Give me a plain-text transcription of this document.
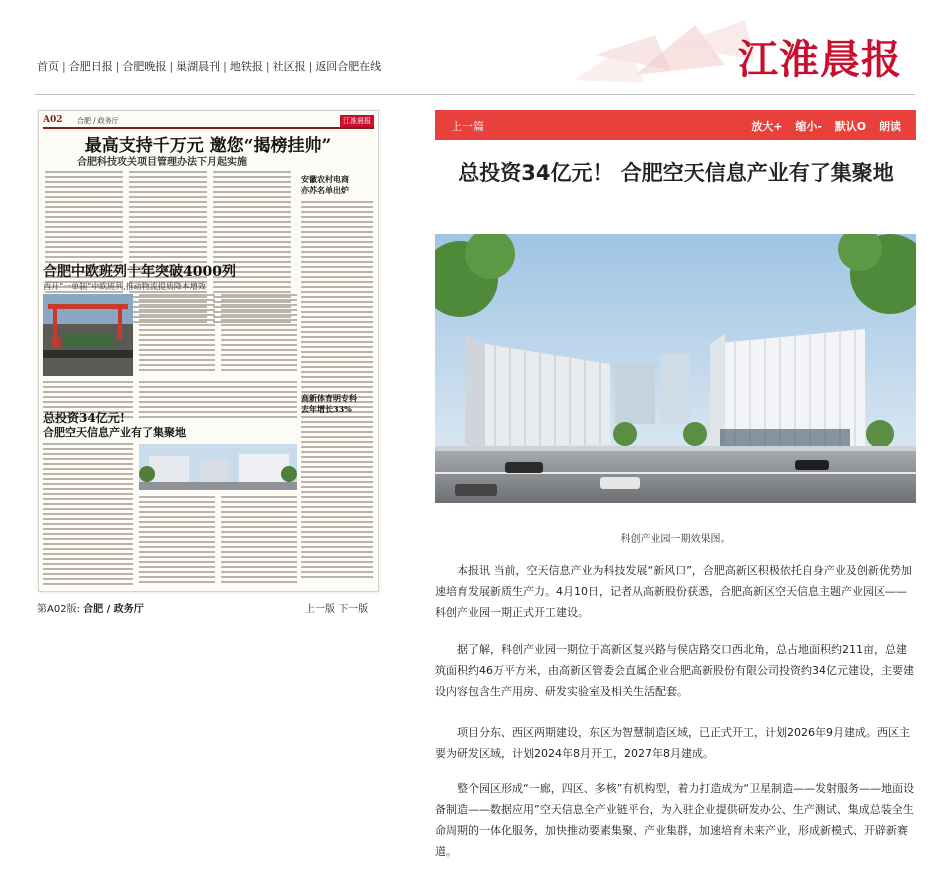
首页 | 合肥日报 | 合肥晚报 | 巢湖晨刊 | 地铁报 | 社区报 | 返回合肥在线	江淮晨报
A02 合肥 / 政务厅	江淮晨报
最高支持千万元 邀您“揭榜挂帅”
合肥科技攻关项目管理办法下月起实施
安徽农村电商
亦苏名单出炉
合肥中欧班列十年突破4000列
西开“一单制”中欧班列,推动物流提质降本增效
高新体育明专科
去年增长33%
总投资34亿元!
合肥空天信息产业有了集聚地
第A02版: 合肥 / 政务厅	上一版 下一版
上一篇	放大+ 缩小- 默认O 朗读
总投资34亿元！ 合肥空天信息产业有了集聚地
科创产业园一期效果图。

本报讯 当前，空天信息产业为科技发展“新风口”，合肥高新区积极依托自身产业及创新优势加速培育发展新质生产力。4月10日，记者从高新股份获悉，合肥高新区空天信息主题产业园区——科创产业园一期正式开工建设。

据了解，科创产业园一期位于高新区复兴路与侯店路交口西北角，总占地面积约211亩，总建筑面积约46万平方米，由高新区管委会直属企业合肥高新股份有限公司投资约34亿元建设，主要建设内容包含生产用房、研发实验室及相关生活配套。

项目分东、西区两期建设，东区为智慧制造区域，已正式开工，计划2026年9月建成。西区主要为研发区域，计划2024年8月开工，2027年8月建成。

整个园区形成“一廊，四区、多核”有机构型，着力打造成为“卫星制造——发射服务——地面设备制造——数据应用”空天信息全产业链平台，为入驻企业提供研发办公、生产测试、集成总装全生命周期的一体化服务，加快推动要素集聚、产业集群，加速培育未来产业，形成新模式、开辟新赛道。
